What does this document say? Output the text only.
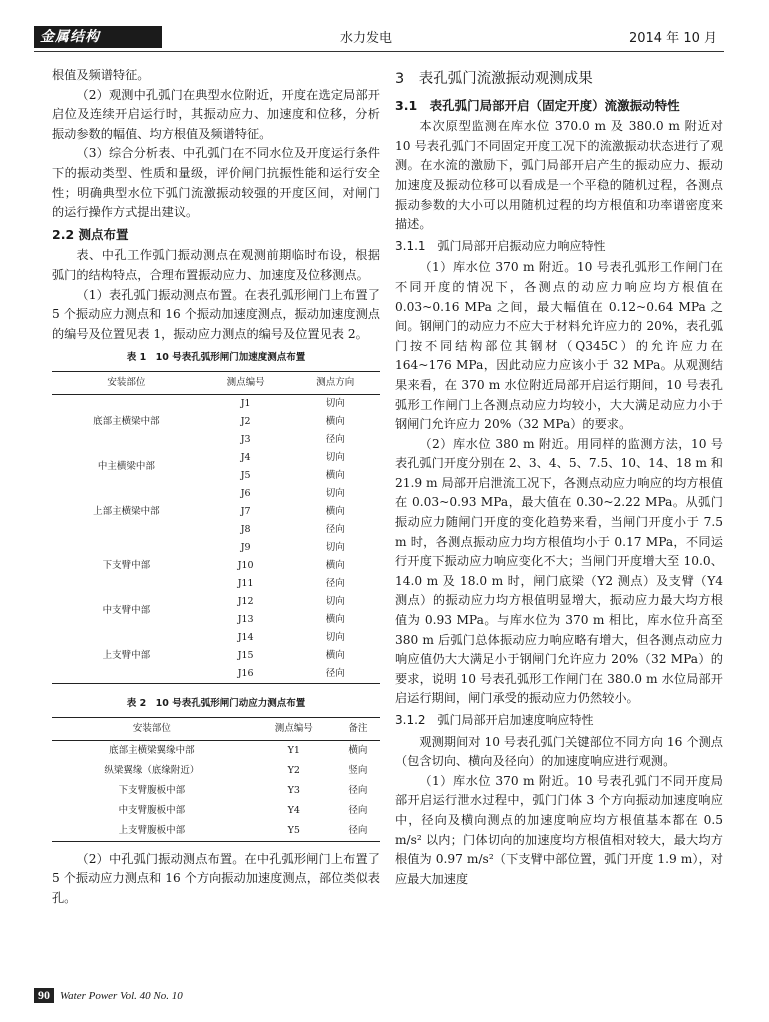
金属结构	水力发电	2014 年 10 月

根值及频谱特征。

（2）观测中孔弧门在典型水位附近，开度在选定局部开启位及连续开启运行时，其振动应力、加速度和位移，分析振动参数的幅值、均方根值及频谱特征。

（3）综合分析表、中孔弧门在不同水位及开度运行条件下的振动类型、性质和量级，评价闸门抗振性能和运行安全性；明确典型水位下弧门流激振动较强的开度区间，对闸门的运行操作方式提出建议。

2.2 测点布置

表、中孔工作弧门振动测点在观测前期临时布设，根据弧门的结构特点，合理布置振动应力、加速度及位移测点。

（1）表孔弧门振动测点布置。在表孔弧形闸门上布置了 5 个振动应力测点和 16 个振动加速度测点，振动加速度测点的编号及位置见表 1，振动应力测点的编号及位置见表 2。

表 1　10 号表孔弧形闸门加速度测点布置
安装部位	测点编号	测点方向
底部主横梁中部	J1	切向
	J2	横向
	J3	径向
中主横梁中部	J4	切向
	J5	横向
上部主横梁中部	J6	切向
	J7	横向
	J8	径向
下支臂中部	J9	切向
	J10	横向
	J11	径向
中支臂中部	J12	切向
	J13	横向
上支臂中部	J14	切向
	J15	横向
	J16	径向
表 2　10 号表孔弧形闸门动应力测点布置
安装部位	测点编号	备注
底部主横梁翼缘中部	Y1	横向
纵梁翼缘（底缘附近）	Y2	竖向
下支臂腹板中部	Y3	径向
中支臂腹板中部	Y4	径向
上支臂腹板中部	Y5	径向

（2）中孔弧门振动测点布置。在中孔弧形闸门上布置了 5 个振动应力测点和 16 个方向振动加速度测点，部位类似表孔。

3　表孔弧门流激振动观测成果
3.1　表孔弧门局部开启（固定开度）流激振动特性

本次原型监测在库水位 370.0 m 及 380.0 m 附近对 10 号表孔弧门不同固定开度工况下的流激振动状态进行了观测。在水流的激励下，弧门局部开启产生的振动应力、振动加速度及振动位移可以看成是一个平稳的随机过程，各测点振动参数的大小可以用随机过程的均方根值和功率谱密度来描述。

3.1.1　弧门局部开启振动应力响应特性

（1）库水位 370 m 附近。10 号表孔弧形工作闸门在不同开度的情况下，各测点的动应力响应均方根值在 0.03~0.16 MPa 之间，最大幅值在 0.12~0.64 MPa 之间。钢闸门的动应力不应大于材料允许应力的 20%，表孔弧门按不同结构部位其钢材（Q345C）的允许应力在 164~176 MPa，因此动应力应该小于 32 MPa。从观测结果来看，在 370 m 水位附近局部开启运行期间，10 号表孔弧形工作闸门上各测点动应力均较小，大大满足动应力小于钢闸门允许应力 20%（32 MPa）的要求。

（2）库水位 380 m 附近。用同样的监测方法，10 号表孔弧门开度分别在 2、3、4、5、7.5、10、14、18 m 和 21.9 m 局部开启泄流工况下，各测点动应力响应的均方根值在 0.03~0.93 MPa，最大值在 0.30~2.22 MPa。从弧门振动应力随闸门开度的变化趋势来看，当闸门开度小于 7.5 m 时，各测点振动应力均方根值均小于 0.17 MPa，不同运行开度下振动应力响应变化不大；当闸门开度增大至 10.0、14.0 m 及 18.0 m 时，闸门底梁（Y2 测点）及支臂（Y4 测点）的振动应力均方根值明显增大，振动应力最大均方根值为 0.93 MPa。与库水位为 370 m 相比，库水位升高至 380 m 后弧门总体振动应力响应略有增大，但各测点动应力响应值仍大大满足小于钢闸门允许应力 20%（32 MPa）的要求，说明 10 号表孔弧形工作闸门在 380.0 m 水位局部开启运行期间，闸门承受的振动应力仍然较小。

3.1.2　弧门局部开启加速度响应特性

观测期间对 10 号表孔弧门关键部位不同方向 16 个测点（包含切向、横向及径向）的加速度响应进行观测。

（1）库水位 370 m 附近。10 号表孔弧门不同开度局部开启运行泄水过程中，弧门门体 3 个方向振动加速度响应中，径向及横向测点的加速度响应均方根值基本都在 0.5 m/s² 以内；门体切向的加速度均方根值相对较大，最大均方根值为 0.97 m/s²（下支臂中部位置，弧门开度 1.9 m），对应最大加速度

90 Water Power Vol. 40 No. 10
